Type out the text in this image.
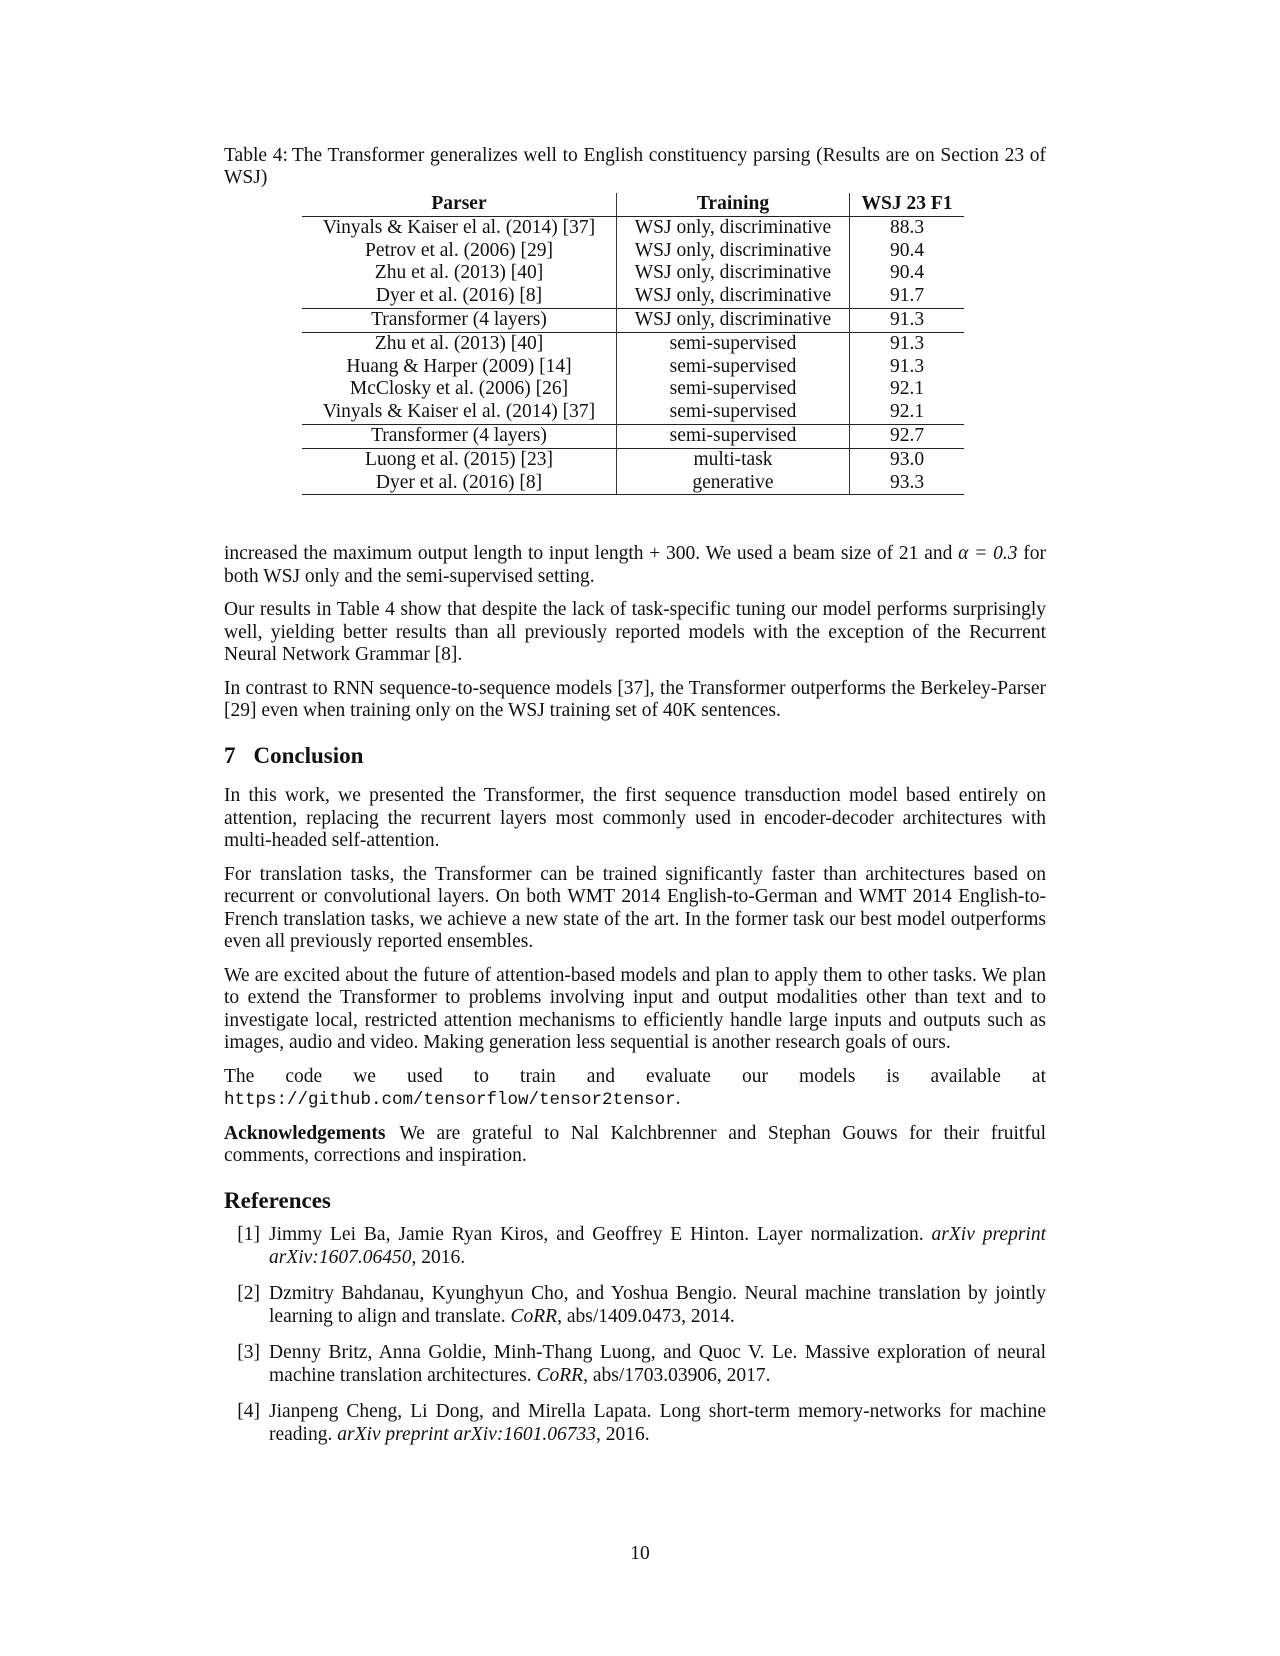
Table 4: The Transformer generalizes well to English constituency parsing (Results are on Section 23 of WSJ)
Parser	Training	WSJ 23 F1
Vinyals & Kaiser el al. (2014) [37]	WSJ only, discriminative	88.3
Petrov et al. (2006) [29]	WSJ only, discriminative	90.4
Zhu et al. (2013) [40]	WSJ only, discriminative	90.4
Dyer et al. (2016) [8]	WSJ only, discriminative	91.7
Transformer (4 layers)	WSJ only, discriminative	91.3
Zhu et al. (2013) [40]	semi-supervised	91.3
Huang & Harper (2009) [14]	semi-supervised	91.3
McClosky et al. (2006) [26]	semi-supervised	92.1
Vinyals & Kaiser el al. (2014) [37]	semi-supervised	92.1
Transformer (4 layers)	semi-supervised	92.7
Luong et al. (2015) [23]	multi-task	93.0
Dyer et al. (2016) [8]	generative	93.3

increased the maximum output length to input length + 300. We used a beam size of 21 and α = 0.3 for both WSJ only and the semi-supervised setting.

Our results in Table 4 show that despite the lack of task-specific tuning our model performs surprisingly well, yielding better results than all previously reported models with the exception of the Recurrent Neural Network Grammar [8].

In contrast to RNN sequence-to-sequence models [37], the Transformer outperforms the Berkeley-Parser [29] even when training only on the WSJ training set of 40K sentences.

7 Conclusion

In this work, we presented the Transformer, the first sequence transduction model based entirely on attention, replacing the recurrent layers most commonly used in encoder-decoder architectures with multi-headed self-attention.

For translation tasks, the Transformer can be trained significantly faster than architectures based on recurrent or convolutional layers. On both WMT 2014 English-to-German and WMT 2014 English-to-French translation tasks, we achieve a new state of the art. In the former task our best model outperforms even all previously reported ensembles.

We are excited about the future of attention-based models and plan to apply them to other tasks. We plan to extend the Transformer to problems involving input and output modalities other than text and to investigate local, restricted attention mechanisms to efficiently handle large inputs and outputs such as images, audio and video. Making generation less sequential is another research goals of ours.

The code we used to train and evaluate our models is available at https://github.com/tensorflow/tensor2tensor.

Acknowledgements We are grateful to Nal Kalchbrenner and Stephan Gouws for their fruitful comments, corrections and inspiration.

References
[1] Jimmy Lei Ba, Jamie Ryan Kiros, and Geoffrey E Hinton. Layer normalization. arXiv preprint arXiv:1607.06450, 2016.
[2] Dzmitry Bahdanau, Kyunghyun Cho, and Yoshua Bengio. Neural machine translation by jointly learning to align and translate. CoRR, abs/1409.0473, 2014.
[3] Denny Britz, Anna Goldie, Minh-Thang Luong, and Quoc V. Le. Massive exploration of neural machine translation architectures. CoRR, abs/1703.03906, 2017.
[4] Jianpeng Cheng, Li Dong, and Mirella Lapata. Long short-term memory-networks for machine reading. arXiv preprint arXiv:1601.06733, 2016.
10
